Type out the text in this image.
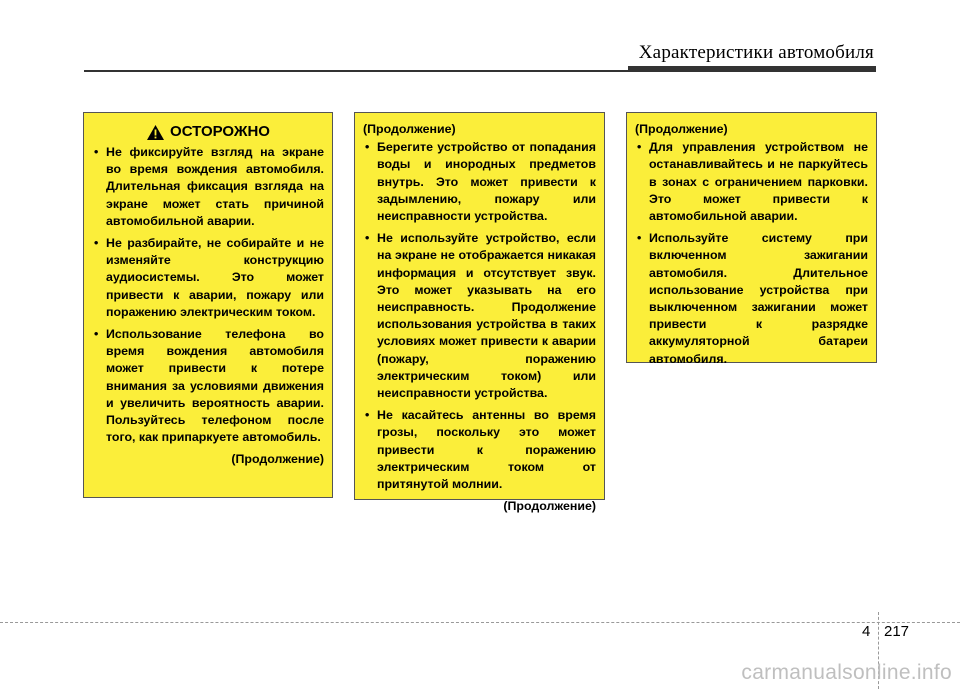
Характеристики автомобиля
ОСТОРОЖНО
• Не фиксируйте взгляд на экране во время вождения автомобиля. Длительная фиксация взгляда на экране может стать причиной автомобильной аварии.
• Не разбирайте, не собирайте и не изменяйте конструкцию аудиосистемы. Это может привести к аварии, пожару или поражению электрическим током.
• Использование телефона во время вождения автомобиля может привести к потере внимания за условиями движения и увеличить вероятность аварии. Пользуйтесь телефоном после того, как припаркуете автомобиль.
(Продолжение)
(Продолжение)
• Берегите устройство от попадания воды и инородных предметов внутрь. Это может привести к задымлению, пожару или неисправности устройства.
• Не используйте устройство, если на экране не отображается никакая информация и отсутствует звук. Это может указывать на его неисправность. Продолжение использования устройства в таких условиях может привести к аварии (пожару, поражению электрическим током) или неисправности устройства.
• Не касайтесь антенны во время грозы, поскольку это может привести к поражению электрическим током от притянутой молнии.
(Продолжение)
(Продолжение)
• Для управления устройством не останавливайтесь и не паркуйтесь в зонах с ограничением парковки. Это может привести к автомобильной аварии.
• Используйте систему при включенном зажигании автомобиля. Длительное использование устройства при выключенном зажигании может привести к разрядке аккумуляторной батареи автомобиля.
4 217
carmanualsonline.info
